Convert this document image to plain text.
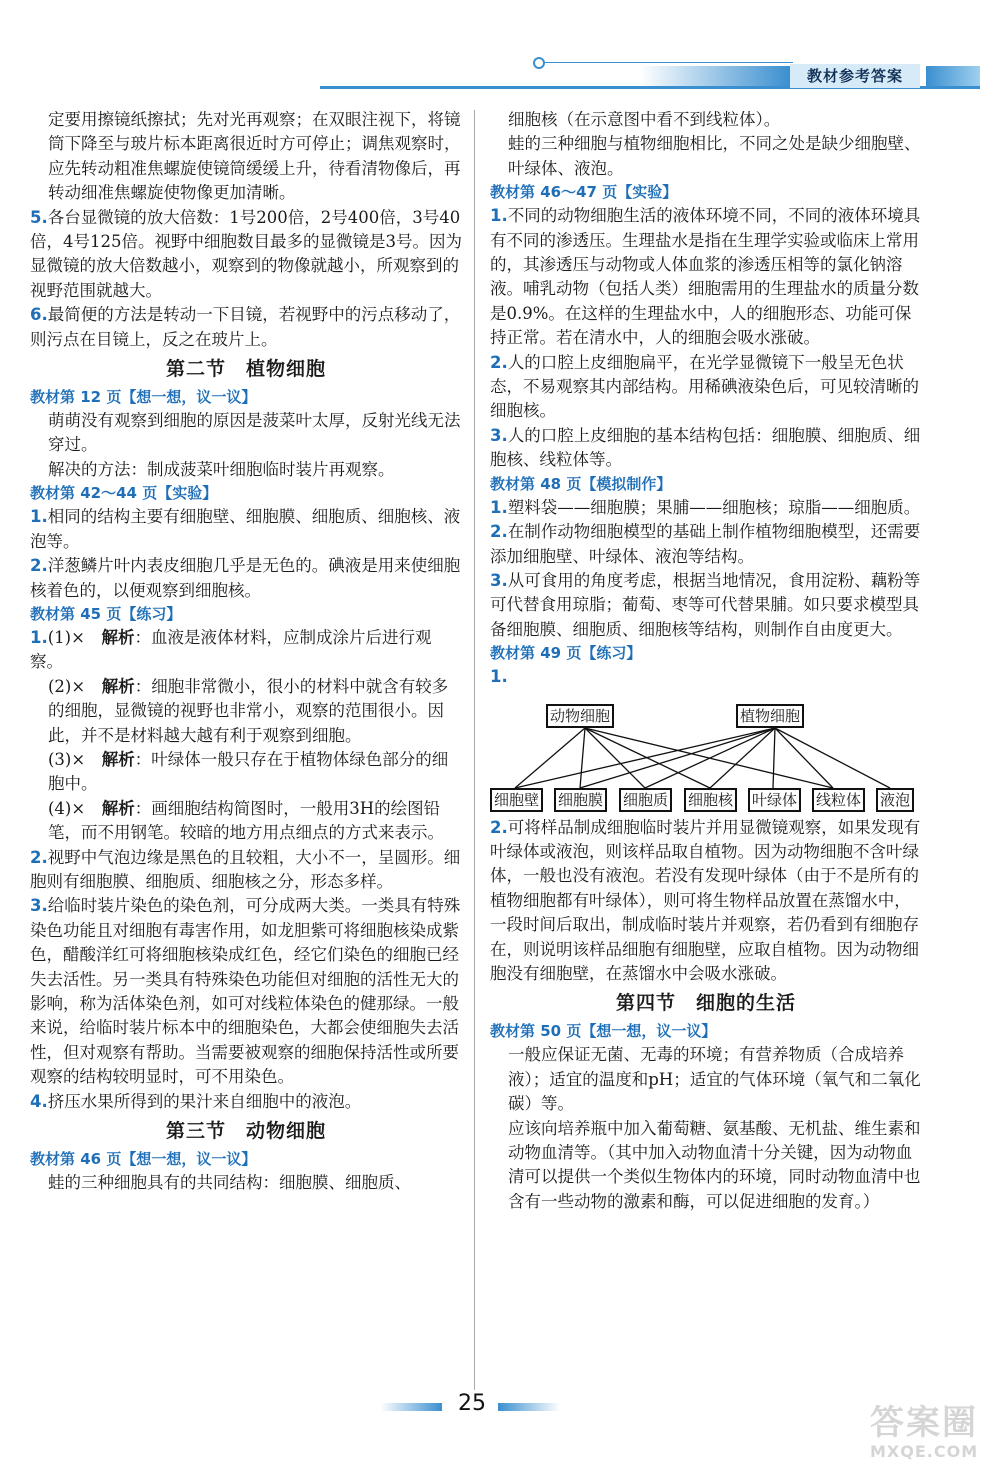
教材参考答案

定要用擦镜纸擦拭；先对光再观察；在双眼注视下，将镜筒下降至与玻片标本距离很近时方可停止；调焦观察时，应先转动粗准焦螺旋使镜筒缓缓上升，待看清物像后，再转动细准焦螺旋使物像更加清晰。

5.各台显微镜的放大倍数：1号200倍，2号400倍，3号40倍，4号125倍。视野中细胞数目最多的显微镜是3号。因为显微镜的放大倍数越小，观察到的物像就越小，所观察到的视野范围就越大。

6.最简便的方法是转动一下目镜，若视野中的污点移动了，则污点在目镜上，反之在玻片上。

第二节　植物细胞
教材第 12 页【想一想，议一议】

萌萌没有观察到细胞的原因是菠菜叶太厚，反射光线无法穿过。

解决的方法：制成菠菜叶细胞临时装片再观察。

教材第 42～44 页【实验】

1.相同的结构主要有细胞壁、细胞膜、细胞质、细胞核、液泡等。

2.洋葱鳞片叶内表皮细胞几乎是无色的。碘液是用来使细胞核着色的，以便观察到细胞核。

教材第 45 页【练习】

1.(1)×　 解析：血液是液体材料，应制成涂片后进行观察。

(2)×　 解析：细胞非常微小，很小的材料中就含有较多的细胞，显微镜的视野也非常小，观察的范围很小。因此，并不是材料越大越有利于观察到细胞。

(3)×　 解析：叶绿体一般只存在于植物体绿色部分的细胞中。

(4)×　 解析：画细胞结构简图时，一般用3H的绘图铅笔，而不用钢笔。较暗的地方用点细点的方式来表示。

2.视野中气泡边缘是黑色的且较粗，大小不一，呈圆形。细胞则有细胞膜、细胞质、细胞核之分，形态多样。

3.给临时装片染色的染色剂，可分成两大类。一类具有特殊染色功能且对细胞有毒害作用，如龙胆紫可将细胞核染成紫色，醋酸洋红可将细胞核染成红色，经它们染色的细胞已经失去活性。另一类具有特殊染色功能但对细胞的活性无大的影响，称为活体染色剂，如可对线粒体染色的健那绿。一般来说，给临时装片标本中的细胞染色，大都会使细胞失去活性，但对观察有帮助。当需要被观察的细胞保持活性或所要观察的结构较明显时，可不用染色。

4.挤压水果所得到的果汁来自细胞中的液泡。

第三节　动物细胞
教材第 46 页【想一想，议一议】

蛙的三种细胞具有的共同结构：细胞膜、细胞质、

细胞核（在示意图中看不到线粒体）。

蛙的三种细胞与植物细胞相比，不同之处是缺少细胞壁、叶绿体、液泡。

教材第 46～47 页【实验】

1.不同的动物细胞生活的液体环境不同，不同的液体环境具有不同的渗透压。生理盐水是指在生理学实验或临床上常用的，其渗透压与动物或人体血浆的渗透压相等的氯化钠溶液。哺乳动物（包括人类）细胞需用的生理盐水的质量分数是0.9%。在这样的生理盐水中，人的细胞形态、功能可保持正常。若在清水中，人的细胞会吸水涨破。

2.人的口腔上皮细胞扁平，在光学显微镜下一般呈无色状态，不易观察其内部结构。用稀碘液染色后，可见较清晰的细胞核。

3.人的口腔上皮细胞的基本结构包括：细胞膜、细胞质、细胞核、线粒体等。

教材第 48 页【模拟制作】

1.塑料袋——细胞膜；果脯——细胞核；琼脂——细胞质。

2.在制作动物细胞模型的基础上制作植物细胞模型，还需要添加细胞壁、叶绿体、液泡等结构。

3.从可食用的角度考虑，根据当地情况，食用淀粉、藕粉等可代替食用琼脂；葡萄、枣等可代替果脯。如只要求模型具备细胞膜、细胞质、细胞核等结构，则制作自由度更大。

教材第 49 页【练习】

1.

动物细胞	植物细胞
细胞壁 细胞膜 细胞质 细胞核 叶绿体 线粒体 液泡

2.可将样品制成细胞临时装片并用显微镜观察，如果发现有叶绿体或液泡，则该样品取自植物。因为动物细胞不含叶绿体，一般也没有液泡。若没有发现叶绿体（由于不是所有的植物细胞都有叶绿体），则可将生物样品放置在蒸馏水中，一段时间后取出，制成临时装片并观察，若仍看到有细胞存在，则说明该样品细胞有细胞壁，应取自植物。因为动物细胞没有细胞壁，在蒸馏水中会吸水涨破。

第四节　细胞的生活
教材第 50 页【想一想，议一议】

一般应保证无菌、无毒的环境；有营养物质（合成培养液）；适宜的温度和pH；适宜的气体环境（氧气和二氧化碳）等。

应该向培养瓶中加入葡萄糖、氨基酸、无机盐、维生素和动物血清等。（其中加入动物血清十分关键，因为动物血清可以提供一个类似生物体内的环境，同时动物血清中也含有一些动物的激素和酶，可以促进细胞的发育。）

25	答案圈
MXQE.COM
